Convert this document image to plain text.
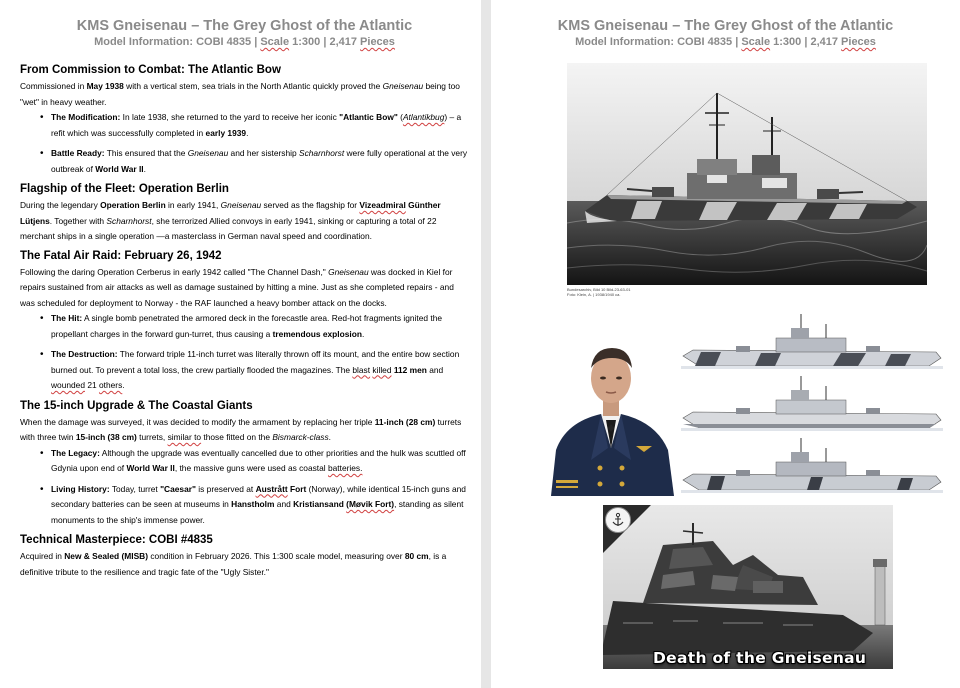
KMS Gneisenau – The Grey Ghost of the Atlantic
Model Information: COBI 4835 | Scale 1:300 | 2,417 Pieces
From Commission to Combat: The Atlantic Bow

Commissioned in May 1938 with a vertical stem, sea trials in the North Atlantic quickly proved the Gneisenau being too "wet" in heavy weather.

• The Modification: In late 1938, she returned to the yard to receive her iconic "Atlantic Bow" (Atlantikbug) – a refit which was successfully completed in early 1939.
• Battle Ready: This ensured that the Gneisenau and her sistership Scharnhorst were fully operational at the very outbreak of World War II.
Flagship of the Fleet: Operation Berlin

During the legendary Operation Berlin in early 1941, Gneisenau served as the flagship for Vizeadmiral Günther Lütjens. Together with Scharnhorst, she terrorized Allied convoys in early 1941, sinking or capturing a total of 22 merchant ships in a single operation —a masterclass in German naval speed and coordination.

The Fatal Air Raid: February 26, 1942

Following the daring Operation Cerberus in early 1942 called "The Channel Dash," Gneisenau was docked in Kiel for repairs sustained from air attacks as well as damage sustained by hitting a mine. Just as she completed repairs - and was scheduled for deployment to Norway - the RAF launched a heavy bomber attack on the docks.

• The Hit: A single bomb penetrated the armored deck in the forecastle area. Red-hot fragments ignited the propellant charges in the forward gun-turret, thus causing a tremendous explosion.
• The Destruction: The forward triple 11-inch turret was literally thrown off its mount, and the entire bow section burned out. To prevent a total loss, the crew partially flooded the magazines. The blast killed 112 men and wounded 21 others.
The 15-inch Upgrade & The Coastal Giants

When the damage was surveyed, it was decided to modify the armament by replacing her triple 11-inch (28 cm) turrets with three twin 15-inch (38 cm) turrets, similar to those fitted on the Bismarck-class.

• The Legacy: Although the upgrade was eventually cancelled due to other priorities and the hulk was scuttled off Gdynia upon end of World War II, the massive guns were used as coastal batteries.
• Living History: Today, turret "Caesar" is preserved at Austrått Fort (Norway), while identical 15-inch guns and secondary batteries can be seen at museums in Hanstholm and Kristiansand (Møvik Fort), standing as silent monuments to the ship's immense power.
Technical Masterpiece: COBI #4835

Acquired in New & Sealed (MISB) condition in February 2026. This 1:300 scale model, measuring over 80 cm, is a definitive tribute to the resilience and tragic fate of the "Ugly Sister."

KMS Gneisenau – The Grey Ghost of the Atlantic
Model Information: COBI 4835 | Scale 1:300 | 2,417 Pieces
Bundesarchiv, Bild 10 Bild-23-63-01
Foto: Klein, A. | 1938/1940 ca.
Death of the Gneisenau
